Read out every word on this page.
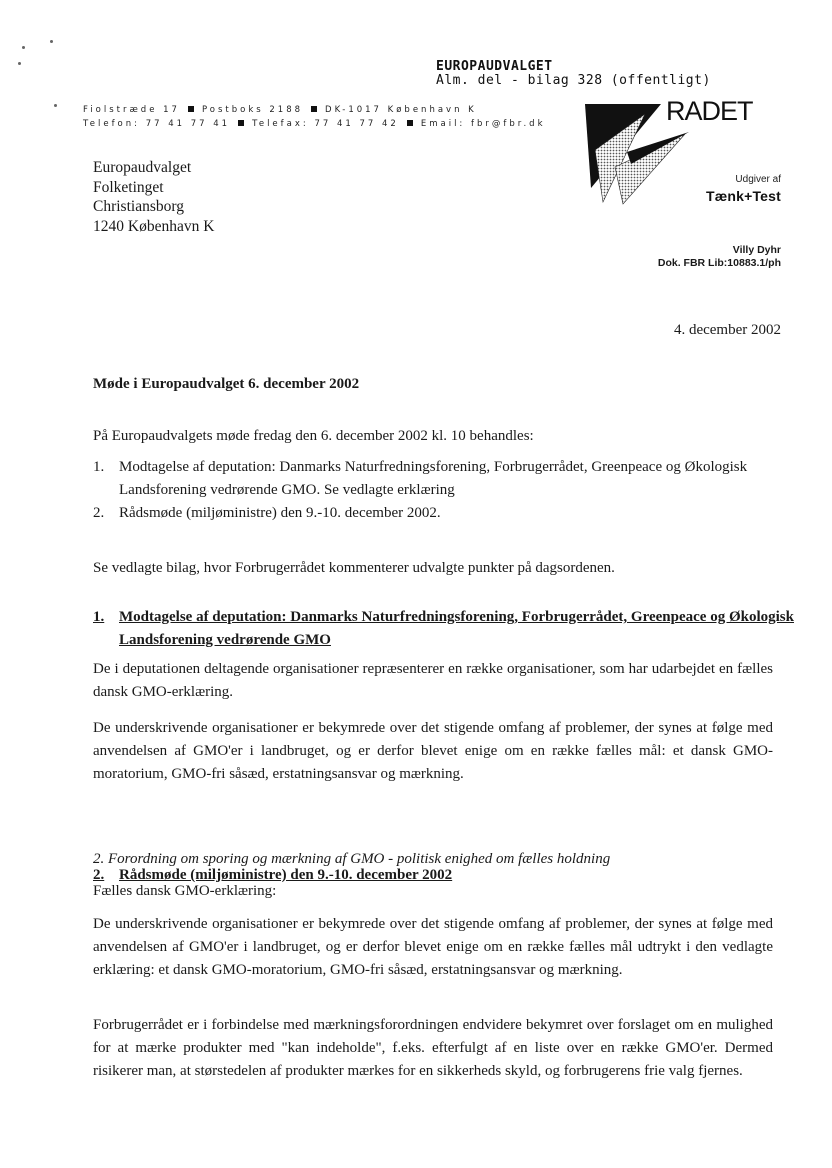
EUROPAUDVALGET
Alm. del - bilag 328 (offentligt)
Fiolstræde 17	Postboks 2188	DK-1017 København K
Telefon: 77 41 77 41	Telefax: 77 41 77 42	Email: fbr@fbr.dk
Europaudvalget
Folketinget
Christiansborg
1240 København K
RADET
Udgiver af
Tænk+Test
Villy Dyhr
Dok. FBR Lib:10883.1/ph
4. december 2002
Møde i Europaudvalget 6. december 2002
På Europaudvalgets møde fredag den 6. december 2002 kl. 10 behandles:
1. Modtagelse af deputation: Danmarks Naturfredningsforening, Forbrugerrådet, Greenpeace og Økologisk Landsforening vedrørende GMO. Se vedlagte erklæring
2. Rådsmøde (miljøministre) den 9.-10. december 2002.
Se vedlagte bilag, hvor Forbrugerrådet kommenterer udvalgte punkter på dagsordenen.
1. Modtagelse af deputation: Danmarks Naturfredningsforening, Forbrugerrådet, Greenpeace og Økologisk Landsforening vedrørende GMO
De i deputationen deltagende organisationer repræsenterer en række organisationer, som har udarbejdet en fælles dansk GMO-erklæring.
De underskrivende organisationer er bekymrede over det stigende omfang af problemer, der synes at følge med anvendelsen af GMO'er i landbruget, og er derfor blevet enige om en række fælles mål: et dansk GMO-moratorium, GMO-fri såsæd, erstatningsansvar og mærkning.
2. Rådsmøde (miljøministre) den 9.-10. december 2002
2. Forordning om sporing og mærkning af GMO - politisk enighed om fælles holdning
Fælles dansk GMO-erklæring:
De underskrivende organisationer er bekymrede over det stigende omfang af problemer, der synes at følge med anvendelsen af GMO'er i landbruget, og er derfor blevet enige om en række fælles mål udtrykt i den vedlagte erklæring: et dansk GMO-moratorium, GMO-fri såsæd, erstatningsansvar og mærkning.
Forbrugerrådet er i forbindelse med mærkningsforordningen endvidere bekymret over forslaget om en mulighed for at mærke produkter med "kan indeholde", f.eks. efterfulgt af en liste over en række GMO'er. Dermed risikerer man, at størstedelen af produkter mærkes for en sikkerheds skyld, og forbrugerens frie valg fjernes.
